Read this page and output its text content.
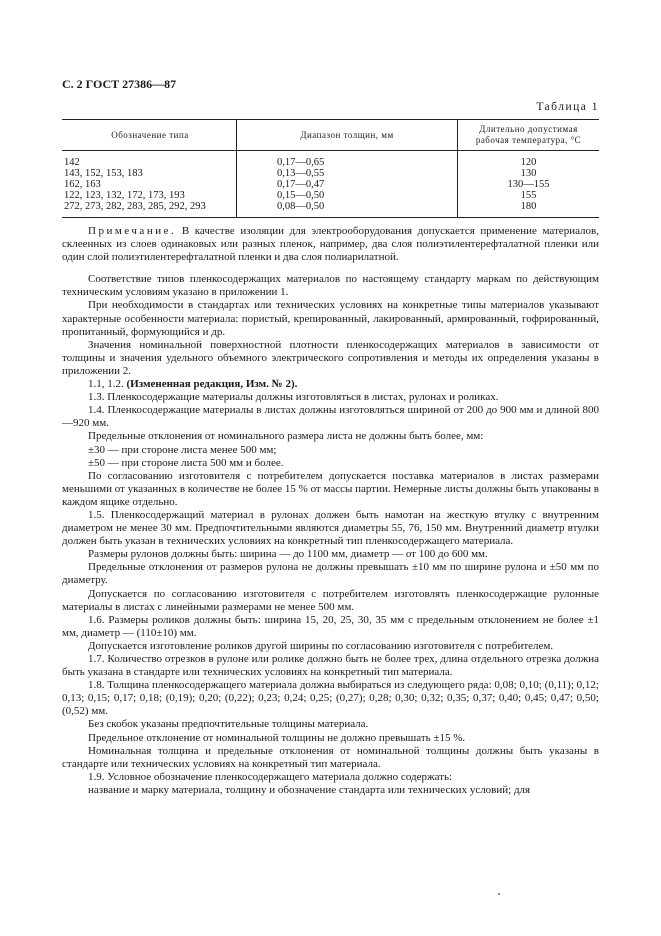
С. 2 ГОСТ 27386—87
Таблица 1
Обозначение типа	Диапазон толщин, мм	Длительно допустимая
рабочая температура, °С
142	0,17—0,65	120
143, 152, 153, 183	0,13—0,55	130
162, 163	0,17—0,47	130—155
122, 123, 132, 172, 173, 193	0,15—0,50	155
272, 273, 282, 283, 285, 292, 293	0,08—0,50	180

Примечание. В качестве изоляции для электрооборудования допускается применение материалов, склеенных из слоев одинаковых или разных пленок, например, два слоя полиэтилентерефталатной пленки или один слой полиэтилентерефталатной пленки и два слоя полиарилатной.

Соответствие типов пленкосодержащих материалов по настоящему стандарту маркам по действующим техническим условиям указано в приложении 1.

При необходимости в стандартах или технических условиях на конкретные типы материалов указывают характерные особенности материала: пористый, крепированный, лакированный, армированный, гофрированный, пропитанный, формующийся и др.

Значения номинальной поверхностной плотности пленкосодержащих материалов в зависимости от толщины и значения удельного объемного электрического сопротивления и методы их определения указаны в приложении 2.

1.1, 1.2. (Измененная редакция, Изм. № 2).

1.3. Пленкосодержащие материалы должны изготовляться в листах, рулонах и роликах.

1.4. Пленкосодержащие материалы в листах должны изготовляться шириной от 200 до 900 мм и длиной 800—920 мм.

Предельные отклонения от номинального размера листа не должны быть более, мм:

±30 — при стороне листа менее 500 мм;

±50 — при стороне листа 500 мм и более.

По согласованию изготовителя с потребителем допускается поставка материалов в листах размерами меньшими от указанных в количестве не более 15 % от массы партии. Немерные листы должны быть упакованы в каждом ящике отдельно.

1.5. Пленкосодержащий материал в рулонах должен быть намотан на жесткую втулку с внутренним диаметром не менее 30 мм. Предпочтительными являются диаметры 55, 76, 150 мм. Внутренний диаметр втулки должен быть указан в технических условиях на конкретный тип пленкосодержащего материала.

Размеры рулонов должны быть: ширина — до 1100 мм, диаметр — от 100 до 600 мм.

Предельные отклонения от размеров рулона не должны превышать ±10 мм по ширине рулона и ±50 мм по диаметру.

Допускается по согласованию изготовителя с потребителем изготовлять пленкосодержащие рулонные материалы в листах с линейными размерами не менее 500 мм.

1.6. Размеры роликов должны быть: ширина 15, 20, 25, 30, 35 мм с предельным отклонением не более ±1 мм, диаметр — (110±10) мм.

Допускается изготовление роликов другой ширины по согласованию изготовителя с потребителем.

1.7. Количество отрезков в рулоне или ролике должно быть не более трех, длина отдельного отрезка должна быть указана в стандарте или технических условиях на конкретный тип материала.

1.8. Толщина пленкосодержащего материала должна выбираться из следующего ряда: 0,08; 0,10; (0,11); 0,12; 0,13; 0,15; 0,17; 0,18; (0,19); 0,20; (0,22); 0,23; 0,24; 0,25; (0,27); 0,28; 0,30; 0,32; 0,35; 0,37; 0,40; 0,45; 0,47; 0,50; (0,52) мм.

Без скобок указаны предпочтительные толщины материала.

Предельное отклонение от номинальной толщины не должно превышать ±15 %.

Номинальная толщина и предельные отклонения от номинальной толщины должны быть указаны в стандарте или технических условиях на конкретный тип материала.

1.9. Условное обозначение пленкосодержащего материала должно содержать:

название и марку материала, толщину и обозначение стандарта или технических условий; для
